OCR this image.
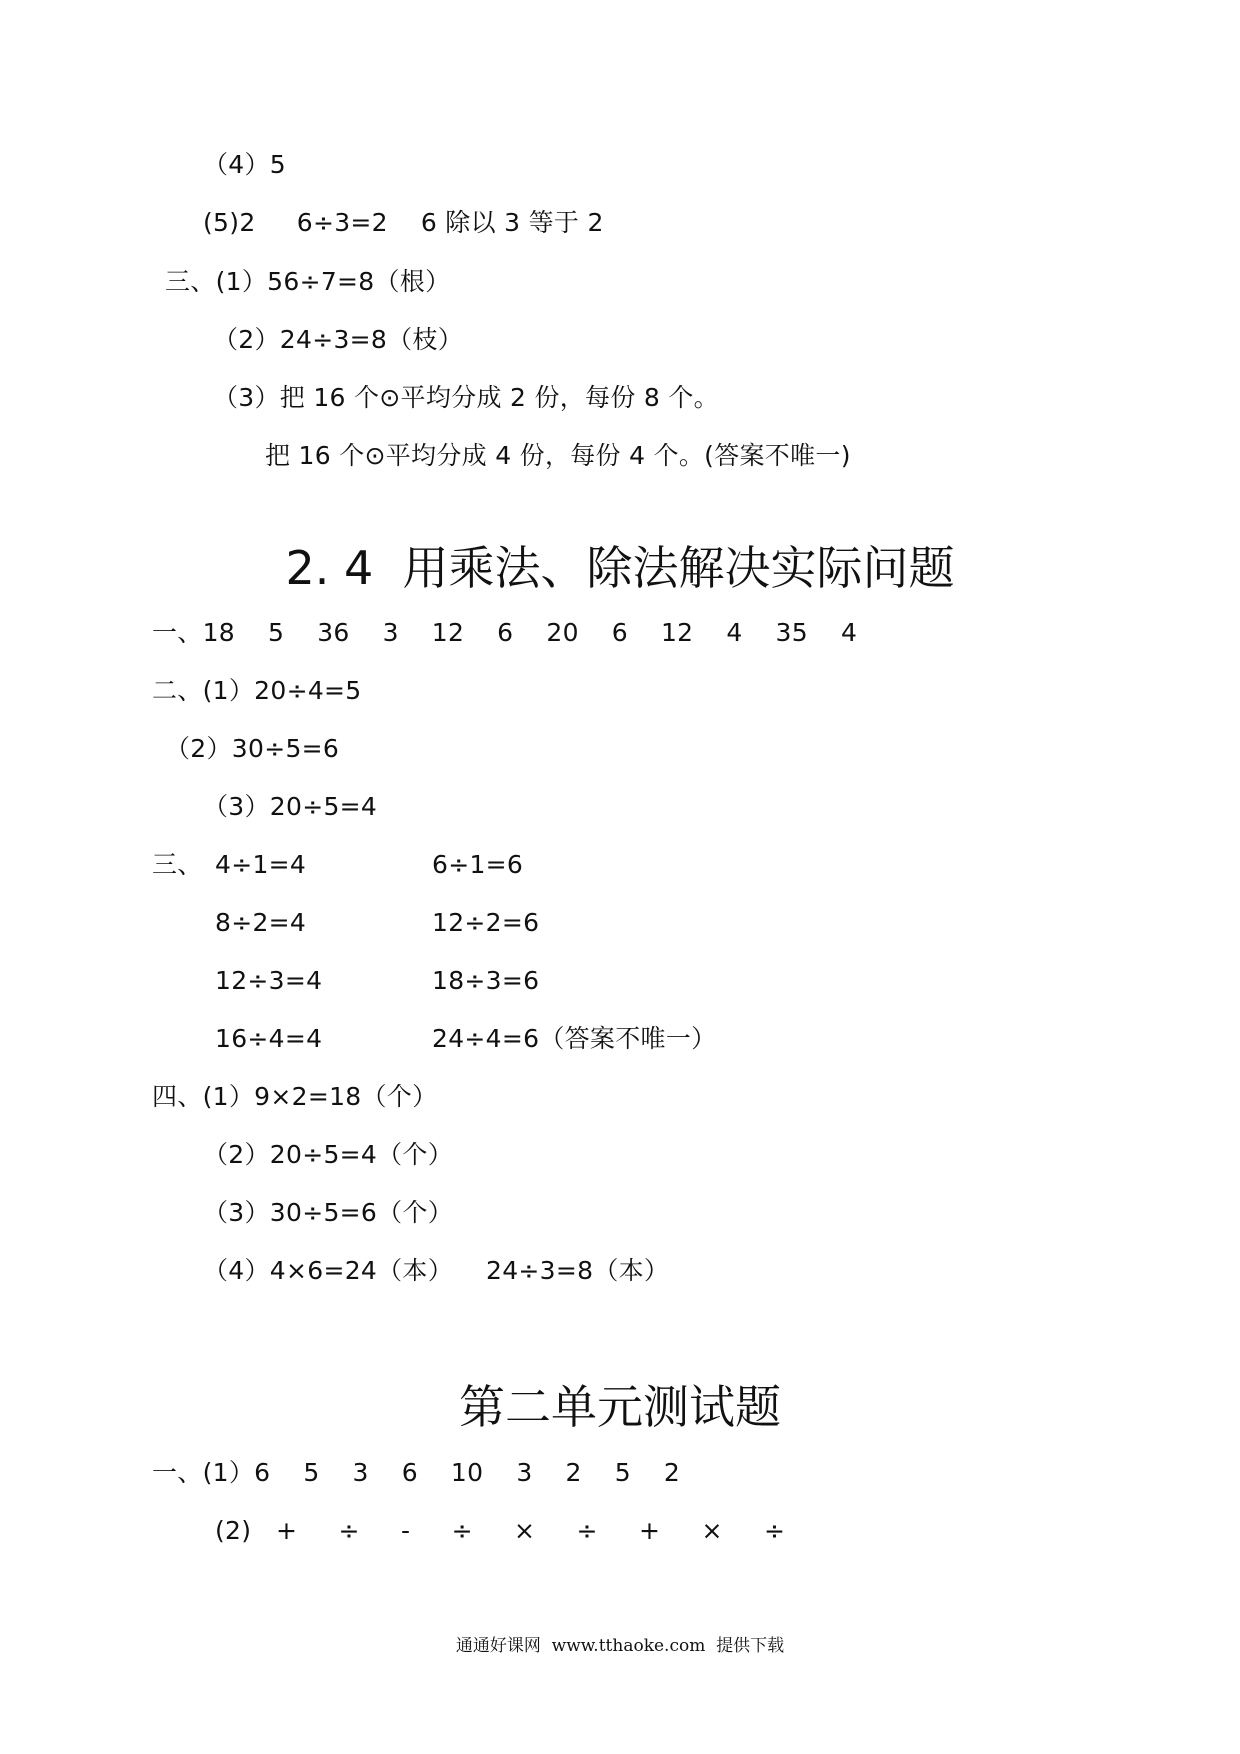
（4）5
(5)2     6÷3=2    6 除以 3 等于 2
三、(1）56÷7=8（根）
（2）24÷3=8（枝）
（3）把 16 个⊙平均分成 2 份，每份 8 个。
把 16 个⊙平均分成 4 份，每份 4 个。(答案不唯一)
2. 4  用乘法、除法解决实际问题
一、18    5    36    3    12    6    20    6    12    4    35    4
二、(1）20÷4=5
（2）30÷5=6
（3）20÷5=4
三、 4÷1=4	6÷1=6
8÷2=4	12÷2=6
12÷3=4	18÷3=6
16÷4=4	24÷4=6（答案不唯一）
四、(1）9×2=18（个）
（2）20÷5=4（个）
（3）30÷5=6（个）
（4）4×6=24（本）    24÷3=8（本）
第二单元测试题
一、(1）6    5    3    6    10    3    2    5    2
(2)   +     ÷     -     ÷     ×     ÷     +     ×     ÷
通通好课网  www.tthaoke.com  提供下载
